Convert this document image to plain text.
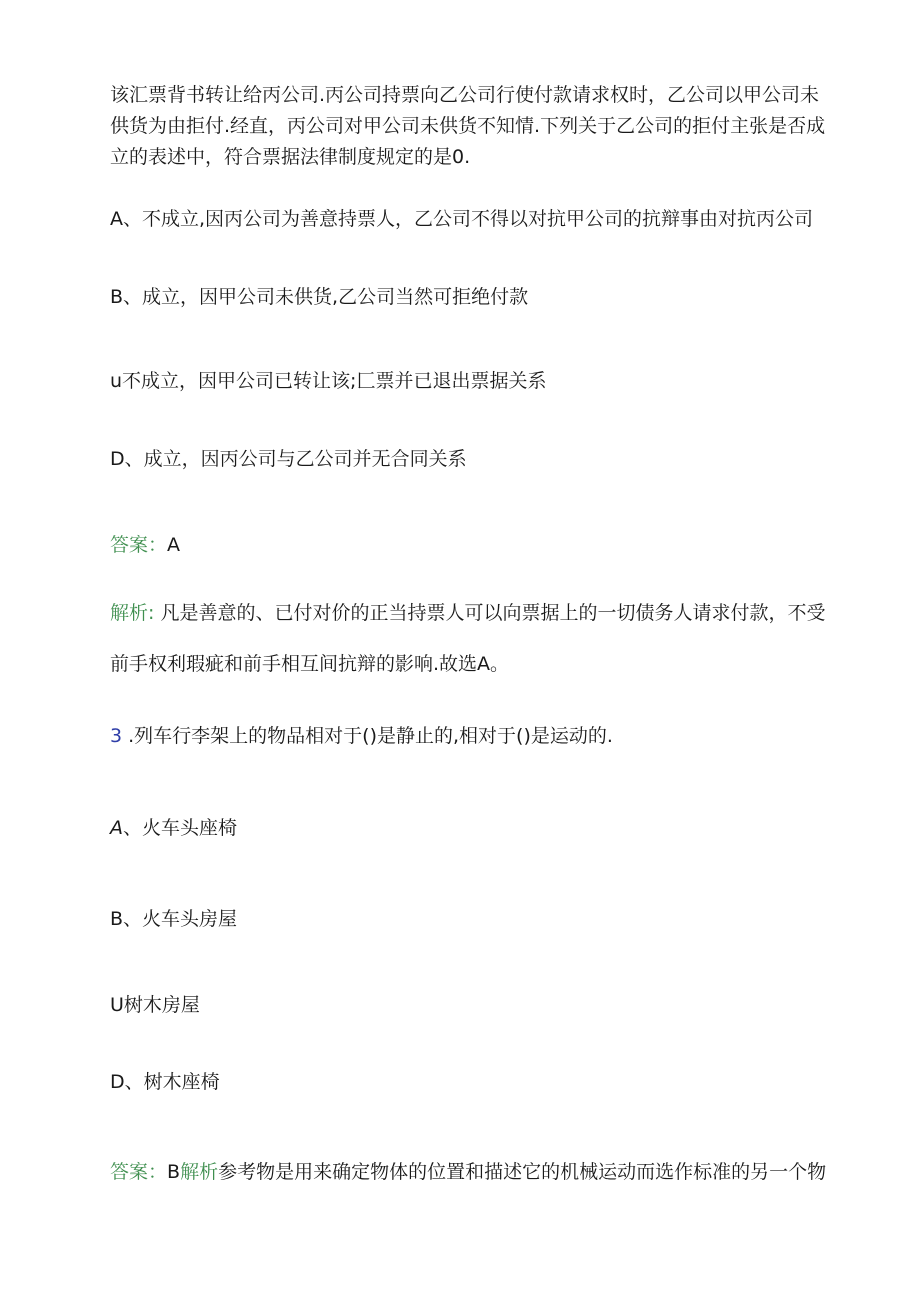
该汇票背书转让给丙公司.丙公司持票向乙公司行使付款请求权时，乙公司以甲公司未
供货为由拒付.经直，丙公司对甲公司未供货不知情.下列关于乙公司的拒付主张是否成
立的表述中，符合票据法律制度规定的是0.
A、不成立,因丙公司为善意持票人，乙公司不得以对抗甲公司的抗辩事由对抗丙公司
B、成立，因甲公司未供货,乙公司当然可拒绝付款
u不成立，因甲公司已转让该;匚票并已退出票据关系
D、成立，因丙公司与乙公司并无合同关系
答案：A
解析: 凡是善意的、已付对价的正当持票人可以向票据上的一切债务人请求付款，不受
前手权利瑕疵和前手相互间抗辩的影响.故选A。
3 .列车行李架上的物品相对于()是静止的,相对于()是运动的.
A、火车头座椅
B、火车头房屋
U树木房屋
D、树木座椅
答案：B解析参考物是用来确定物体的位置和描述它的机械运动而选作标准的另一个物
